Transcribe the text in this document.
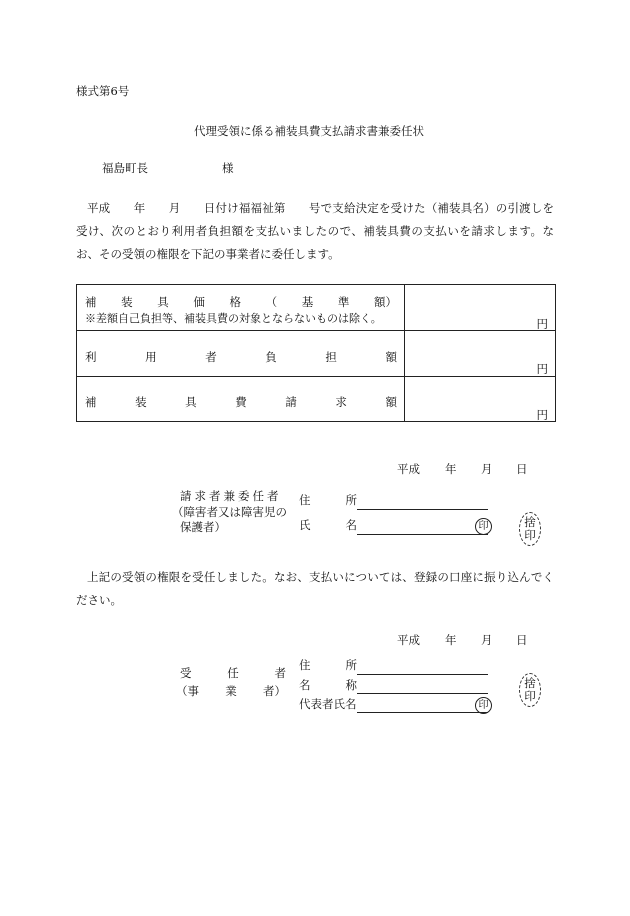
様式第6号
代理受領に係る補装具費支払請求書兼委任状
福島町長	様
平成　　年　　月　　日付け福福祉第　　号で支給決定を受けた（補装具名）の引渡しを受け、次のとおり利用者負担額を支払いましたので、補装具費の支払いを請求します。なお、その受領の権限を下記の事業者に委任します。
補 装 具 価 格 （ 基 準 額）
※差額自己負担等、補装具費の対象とならないものは除く。	円
利	用	者	負	担	額
円
補	装	具	費	請	求	額
円
平成 年 月 日
請求者兼委任者
（障害者又は障害児の
保護者）
住	所
氏	名	印	捨
印
上記の受領の権限を受任しました。なお、支払いについては、登録の口座に振り込んでください。
平成 年 月 日
受	任	者
（事 業 者）
住	所
名	称
代表者氏名	印
捨
印
